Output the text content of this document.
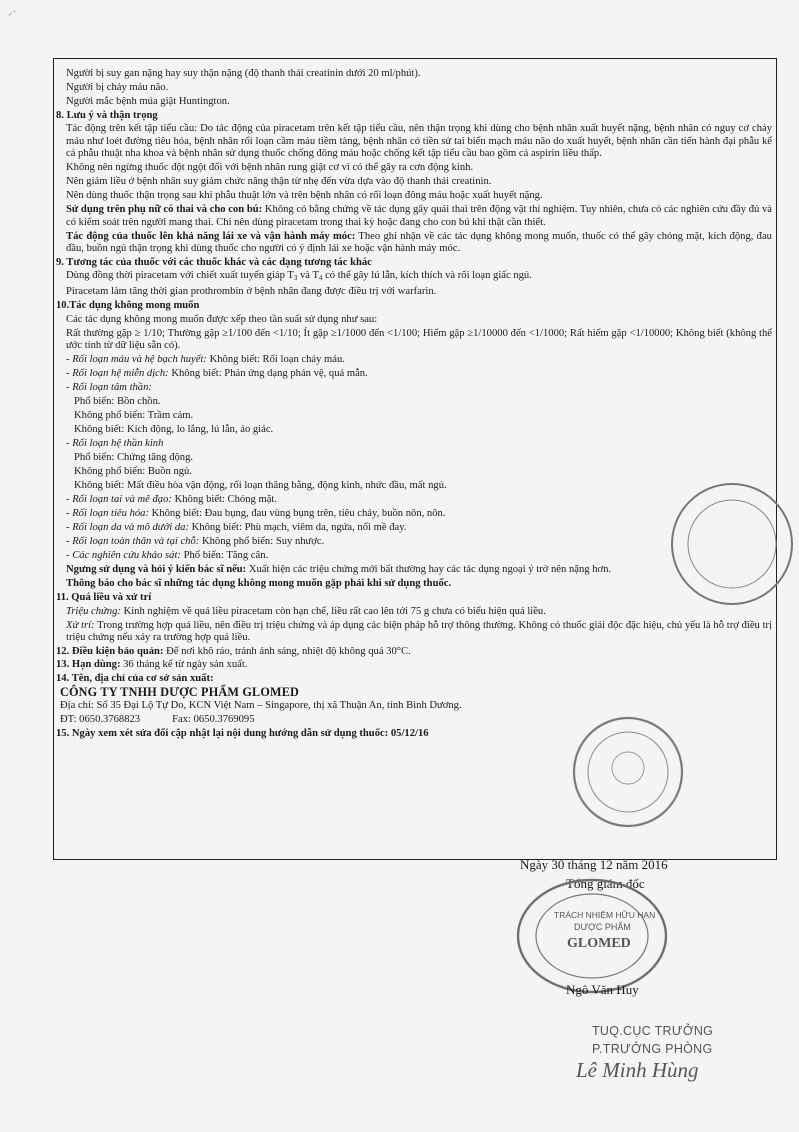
⸝·

Người bị suy gan nặng hay suy thận nặng (độ thanh thải creatinin dưới 20 ml/phút).

Người bị chảy máu não.

Người mắc bệnh múa giật Huntington.

8. Lưu ý và thận trọng

Tác động trên kết tập tiểu cầu: Do tác động của piracetam trên kết tập tiểu cầu, nên thận trọng khi dùng cho bệnh nhân xuất huyết nặng, bệnh nhân có nguy cơ chảy máu như loét đường tiêu hóa, bệnh nhân rối loạn cầm máu tiềm tàng, bệnh nhân có tiền sử tai biến mạch máu não do xuất huyết, bệnh nhân cần tiến hành đại phẫu kể cả phẫu thuật nha khoa và bệnh nhân sử dụng thuốc chống đông máu hoặc chống kết tập tiểu cầu bao gồm cả aspirin liều thấp.

Không nên ngừng thuốc đột ngột đối với bệnh nhân rung giật cơ vì có thể gây ra cơn động kinh.

Nên giảm liều ở bệnh nhân suy giảm chức năng thận từ nhẹ đến vừa dựa vào độ thanh thải creatinin.

Nên dùng thuốc thận trọng sau khi phẫu thuật lớn và trên bệnh nhân có rối loạn đông máu hoặc xuất huyết nặng.

Sử dụng trên phụ nữ có thai và cho con bú: Không có bằng chứng về tác dụng gây quái thai trên động vật thí nghiệm. Tuy nhiên, chưa có các nghiên cứu đầy đủ và có kiểm soát trên người mang thai. Chỉ nên dùng piracetam trong thai kỳ hoặc đang cho con bú khi thật cần thiết.

Tác động của thuốc lên khả năng lái xe và vận hành máy móc: Theo ghi nhận về các tác dụng không mong muốn, thuốc có thể gây chóng mặt, kích động, đau đầu, buồn ngủ thận trọng khi dùng thuốc cho người có ý định lái xe hoặc vận hành máy móc.

9. Tương tác của thuốc với các thuốc khác và các dạng tương tác khác

Dùng đồng thời piracetam với chiết xuất tuyến giáp $T_3$ và $T_4$ có thể gây lú lẫn, kích thích và rối loạn giấc ngủ.

Piracetam làm tăng thời gian prothrombin ở bệnh nhân đang được điều trị với warfarin.

10.Tác dụng không mong muốn

Các tác dụng không mong muốn được xếp theo tần suất sử dụng như sau:

Rất thường gặp ≥ 1/10; Thường gặp ≥1/100 đến <1/10; Ít gặp ≥1/1000 đến <1/100; Hiếm gặp ≥1/10000 đến <1/1000; Rất hiếm gặp <1/10000; Không biết (không thể ước tính từ dữ liệu sẵn có).

- Rối loạn máu và hệ bạch huyết: Không biết: Rối loạn chảy máu.

- Rối loạn hệ miễn dịch: Không biết: Phản ứng dạng phản vệ, quá mẫn.

- Rối loạn tâm thần:

Phổ biến: Bồn chồn.

Không phổ biến: Trầm cảm.

Không biết: Kích động, lo lắng, lú lẫn, ảo giác.

- Rối loạn hệ thần kinh

Phổ biến: Chứng tăng động.

Không phổ biến: Buồn ngủ.

Không biết: Mất điều hòa vận động, rối loạn thăng bằng, động kinh, nhức đầu, mất ngủ.

- Rối loạn tai và mê đạo: Không biết: Chóng mặt.

- Rối loạn tiêu hóa: Không biết: Đau bụng, đau vùng bụng trên, tiêu chảy, buồn nôn, nôn.

- Rối loạn da và mô dưới da: Không biết: Phù mạch, viêm da, ngứa, nổi mề đay.

- Rối loạn toàn thân và tại chỗ: Không phổ biến: Suy nhược.

- Các nghiên cứu khảo sát: Phổ biến: Tăng cân.

Ngưng sử dụng và hỏi ý kiến bác sĩ nếu: Xuất hiện các triệu chứng mới bất thường hay các tác dụng ngoại ý trở nên nặng hơn.

Thông báo cho bác sĩ những tác dụng không mong muốn gặp phải khi sử dụng thuốc.

11. Quá liều và xử trí

Triệu chứng: Kinh nghiệm về quá liều piracetam còn hạn chế, liều rất cao lên tới 75 g chưa có biểu hiện quá liều.

Xử trí: Trong trường hợp quá liều, nên điều trị triệu chứng và áp dụng các biện pháp hỗ trợ thông thường. Không có thuốc giải độc đặc hiệu, chủ yếu là hỗ trợ điều trị triệu chứng nếu xảy ra trường hợp quá liều.

12. Điều kiện bảo quản: Để nơi khô ráo, tránh ánh sáng, nhiệt độ không quá 30°C.

13. Hạn dùng: 36 tháng kể từ ngày sản xuất.

14. Tên, địa chỉ của cơ sở sản xuất:

CÔNG TY TNHH DƯỢC PHẨM GLOMED

Địa chỉ: Số 35 Đại Lộ Tự Do, KCN Việt Nam – Singapore, thị xã Thuận An, tỉnh Bình Dương.

ĐT: 0650.3768823	Fax: 0650.3769095

15. Ngày xem xét sửa đổi cập nhật lại nội dung hướng dẫn sử dụng thuốc: 05/12/16

Ngày 30 tháng 12 năm 2016
Tổng giám đốc
TRÁCH NHIỆM HỮU HẠN
DƯỢC PHẨM
GLOMED
Ngô Văn Huy
TUQ.CỤC TRƯỞNG
P.TRƯỞNG PHÒNG
Lê Minh Hùng
